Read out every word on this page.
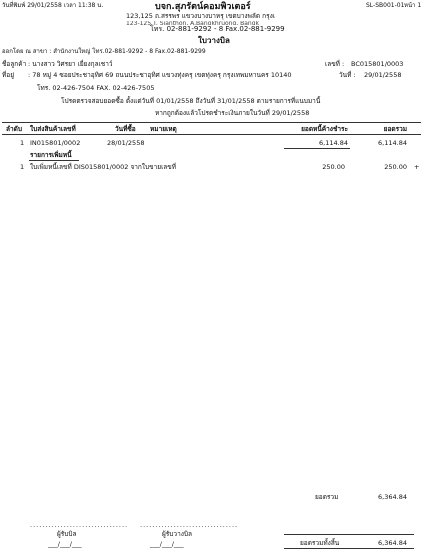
วันที่พิมพ์ 29/01/2558 เวลา 11:38 น.	SL-SB001-01 หน้า 1
บจก.สุภรัตน์คอมพิวเตอร์
123,125 ถ.สรรพร แขวงบางบาหรุ เขตบางพลัด กรุงเ
123-125 T. Sianthon, A.Bangkhruong, Bangk
โทร. 02-881-9292 - 8 Fax.02-881-9299
ใบวางบิล
ออกโดย ณ สาขา : สำนักงานใหญ่ โทร.02-881-9292 - 8 Fax.02-881-9299
ชื่อลูกค้า : นางสาว วิศรยา เยี่ยงกุลเชาว์	เลขที่ : BC015801/0003
ที่อยู่ : 78 หมู่ 4 ซอยประชาอุทิศ 69 ถนนประชาอุทิศ แขวงทุ่งครุ เขตทุ่งครุ กรุงเทพมหานคร 10140	วันที่ : 29/01/2558
โทร. 02-426-7504 FAX. 02-426-7505
โปรดตรวจสอบยอดซื้อ ตั้งแต่วันที่ 01/01/2558 ถึงวันที่ 31/01/2558 ตามรายการที่แนบมานี้
หากถูกต้องแล้วโปรดชำระเงินภายในวันที่ 29/01/2558
ลำดับ ใบส่งสินค้าเลขที่	วันที่ซื้อ หมายเหตุ	ยอดหนี้ค้างชำระ	ยอดรวม
1 IN015801/0002	28/01/2558	6,114.84	6,114.84
รายการเพิ่มหนี้
1 ใบเพิ่มหนี้เลขที่ DIS015801/0002 จากใบขายเลขที่	250.00	250.00 +
ยอดรวม	6,364.84
................................ ................................
ผู้รับบิล	ผู้รับวางบิล
___/___/___	___/___/___	ยอดรวมทั้งสิ้น	6,364.84
